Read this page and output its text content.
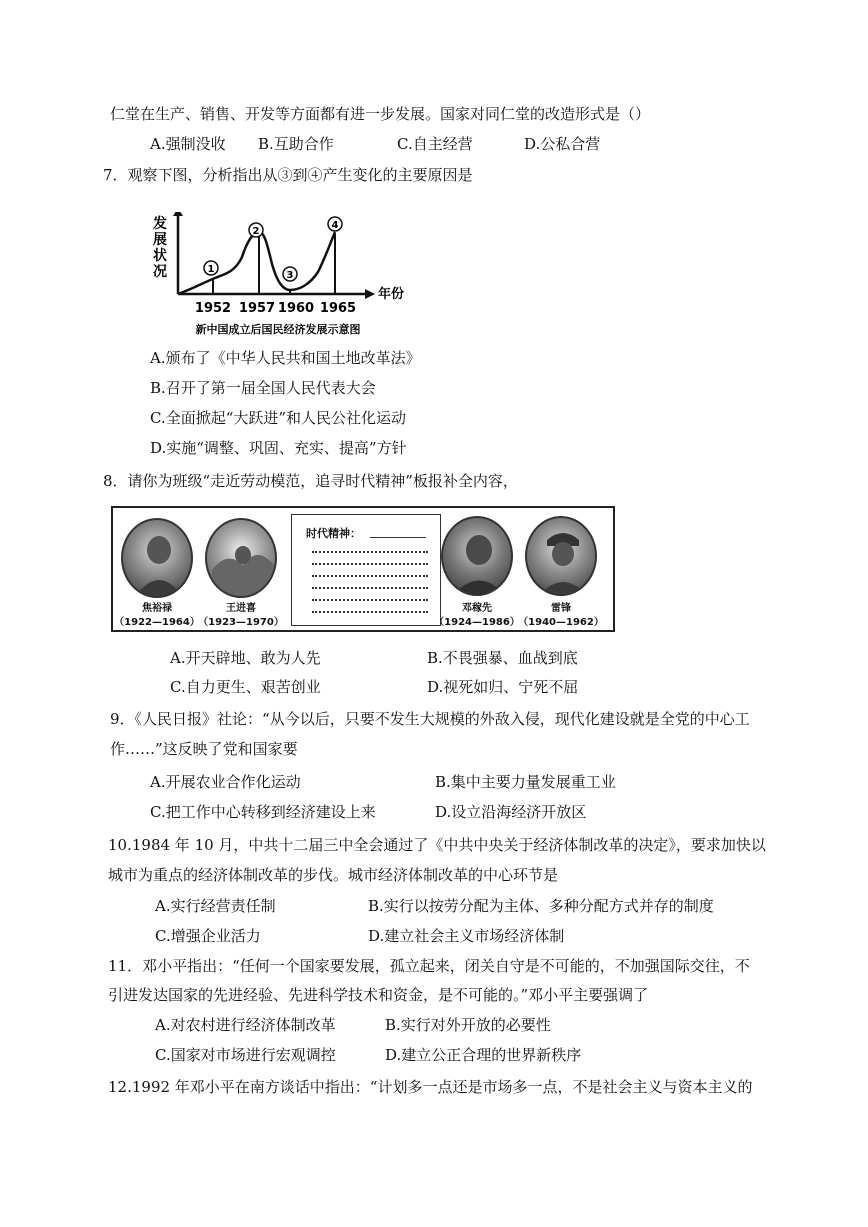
仁堂在生产、销售、开发等方面都有进一步发展。国家对同仁堂的改造形式是（）
A.强制没收 B.互助合作	C.自主经营	D.公私合营
7．观察下图，分析指出从③到④产生变化的主要原因是
发
展
状
况
年份
1
2
3
4
1952 1957 1960 1965
新中国成立后国民经济发展示意图
A.颁布了《中华人民共和国土地改革法》
B.召开了第一届全国人民代表大会
C.全面掀起“大跃进”和人民公社化运动
D.实施“调整、巩固、充实、提高”方针
8．请你为班级“走近劳动模范，追寻时代精神”板报补全内容，
焦裕禄
（1922—1964）
王进喜
（1923—1970）
时代精神：
邓稼先
（1924—1986）
雷锋
（1940—1962）
A.开天辟地、敢为人先	B.不畏强暴、血战到底
C.自力更生、艰苦创业	D.视死如归、宁死不屈
9．《人民日报》社论：“从今以后，只要不发生大规模的外敌入侵，现代化建设就是全党的中心工
作……”这反映了党和国家要
A.开展农业合作化运动	B.集中主要力量发展重工业
C.把工作中心转移到经济建设上来	D.设立沿海经济开放区
10.1984 年 10 月，中共十二届三中全会通过了《中共中央关于经济体制改革的决定》，要求加快以
城市为重点的经济体制改革的步伐。城市经济体制改革的中心环节是
A.实行经营责任制	B.实行以按劳分配为主体、多种分配方式并存的制度
C.增强企业活力	D.建立社会主义市场经济体制
11．邓小平指出：“任何一个国家要发展，孤立起来，闭关自守是不可能的，不加强国际交往，不
引进发达国家的先进经验、先进科学技术和资金，是不可能的。”邓小平主要强调了
A.对农村进行经济体制改革	B.实行对外开放的必要性
C.国家对市场进行宏观调控	D.建立公正合理的世界新秩序
12.1992 年邓小平在南方谈话中指出：“计划多一点还是市场多一点，不是社会主义与资本主义的
